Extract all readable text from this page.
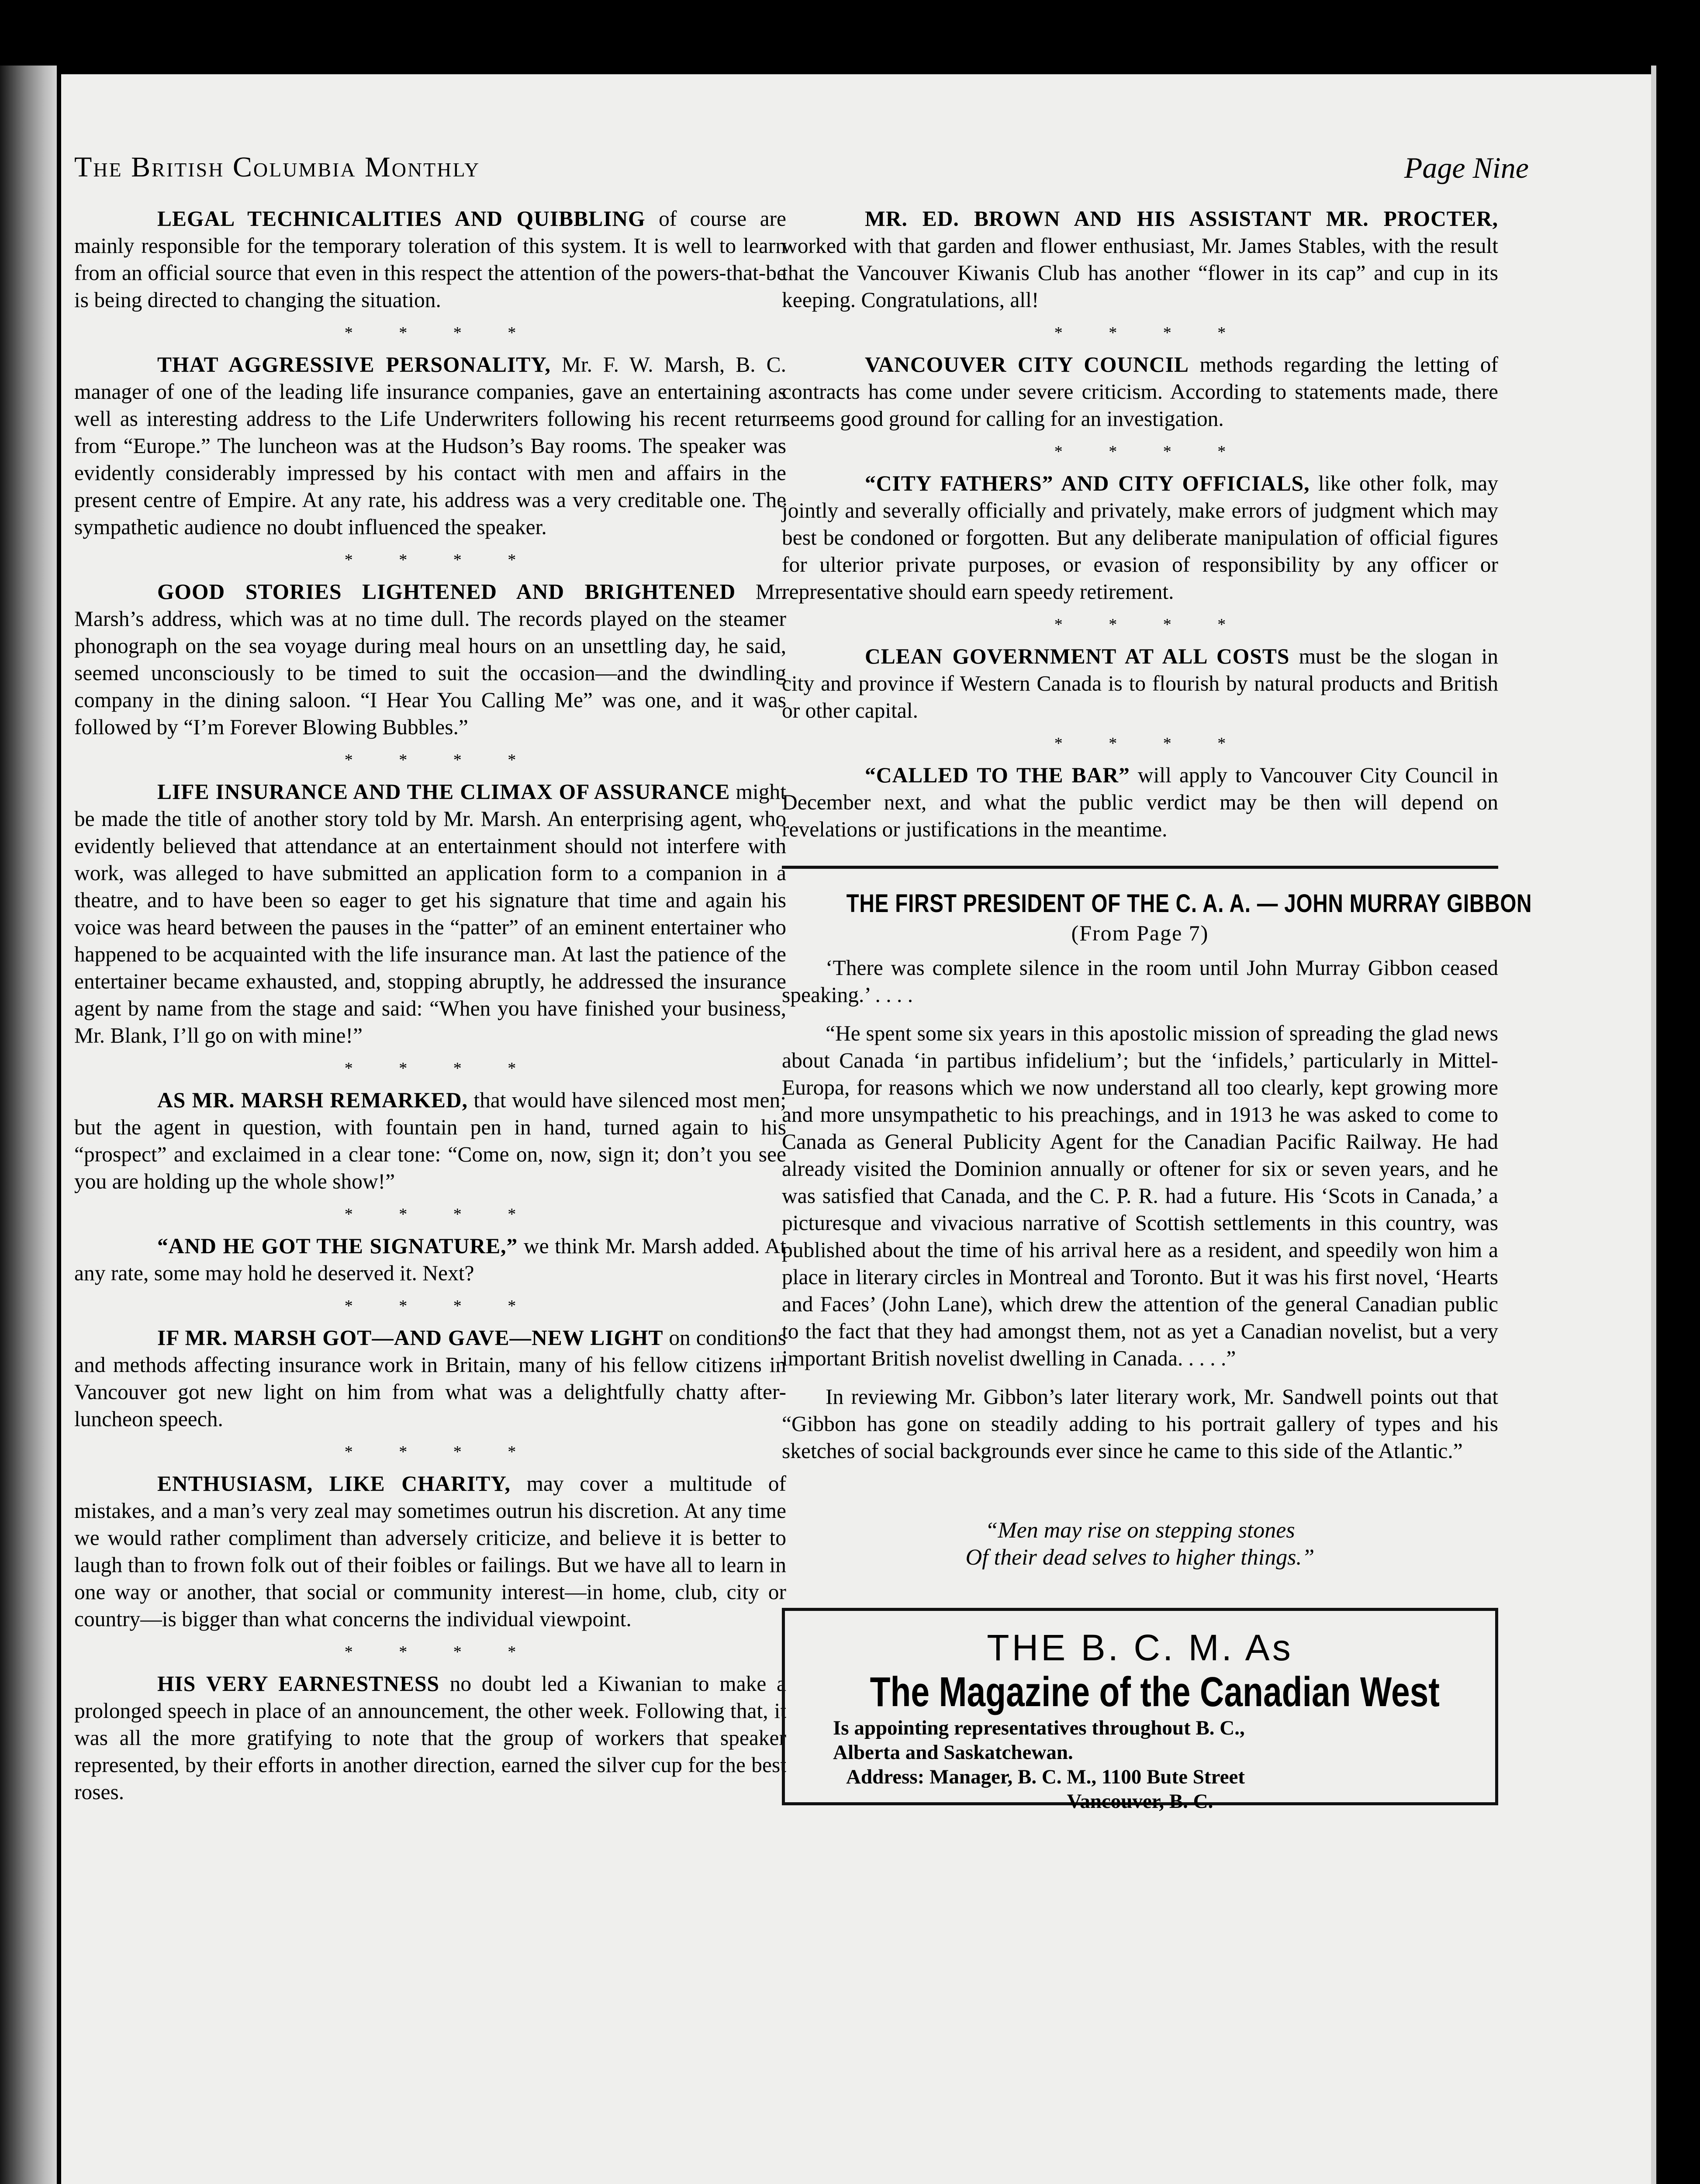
The British Columbia Monthly	Page Nine

LEGAL TECHNICALITIES AND QUIBBLING of course are mainly responsible for the temporary toleration of this system. It is well to learn from an official source that even in this respect the attention of the powers-that-be is being directed to changing the situation.

* * * *

THAT AGGRESSIVE PERSONALITY, Mr. F. W. Marsh, B. C. manager of one of the leading life insurance companies, gave an entertaining as well as interesting address to the Life Underwriters following his recent return from “Europe.” The luncheon was at the Hudson’s Bay rooms. The speaker was evidently considerably impressed by his contact with men and affairs in the present centre of Empire. At any rate, his address was a very creditable one. The sympathetic audience no doubt influenced the speaker.

* * * *

GOOD STORIES LIGHTENED AND BRIGHTENED Mr. Marsh’s address, which was at no time dull. The records played on the steamer phonograph on the sea voyage during meal hours on an unsettling day, he said, seemed unconsciously to be timed to suit the occasion—and the dwindling company in the dining saloon. “I Hear You Calling Me” was one, and it was followed by “I’m Forever Blowing Bubbles.”

* * * *

LIFE INSURANCE AND THE CLIMAX OF ASSURANCE might be made the title of another story told by Mr. Marsh. An enterprising agent, who evidently believed that attendance at an entertainment should not interfere with work, was alleged to have submitted an application form to a companion in a theatre, and to have been so eager to get his signature that time and again his voice was heard between the pauses in the “patter” of an eminent entertainer who happened to be acquainted with the life insurance man. At last the patience of the entertainer became exhausted, and, stopping abruptly, he addressed the insurance agent by name from the stage and said: “When you have finished your business, Mr. Blank, I’ll go on with mine!”

* * * *

AS MR. MARSH REMARKED, that would have silenced most men; but the agent in question, with fountain pen in hand, turned again to his “prospect” and exclaimed in a clear tone: “Come on, now, sign it; don’t you see you are holding up the whole show!”

* * * *

“AND HE GOT THE SIGNATURE,” we think Mr. Marsh added. At any rate, some may hold he deserved it. Next?

* * * *

IF MR. MARSH GOT—AND GAVE—NEW LIGHT on conditions and methods affecting insurance work in Britain, many of his fellow citizens in Vancouver got new light on him from what was a delightfully chatty after-luncheon speech.

* * * *

ENTHUSIASM, LIKE CHARITY, may cover a multitude of mistakes, and a man’s very zeal may sometimes outrun his discretion. At any time we would rather compliment than adversely criticize, and believe it is better to laugh than to frown folk out of their foibles or failings. But we have all to learn in one way or another, that social or community interest—in home, club, city or country—is bigger than what concerns the individual viewpoint.

* * * *

HIS VERY EARNESTNESS no doubt led a Kiwanian to make a prolonged speech in place of an announcement, the other week. Following that, it was all the more gratifying to note that the group of workers that speaker represented, by their efforts in another direction, earned the silver cup for the best roses.

MR. ED. BROWN AND HIS ASSISTANT MR. PROCTER, worked with that garden and flower enthusiast, Mr. James Stables, with the result that the Vancouver Kiwanis Club has another “flower in its cap” and cup in its keeping. Congratulations, all!

* * * *

VANCOUVER CITY COUNCIL methods regarding the letting of contracts has come under severe criticism. According to statements made, there seems good ground for calling for an investigation.

* * * *

“CITY FATHERS” AND CITY OFFICIALS, like other folk, may jointly and severally officially and privately, make errors of judgment which may best be condoned or forgotten. But any deliberate manipulation of official figures for ulterior private purposes, or evasion of responsibility by any officer or representative should earn speedy retirement.

* * * *

CLEAN GOVERNMENT AT ALL COSTS must be the slogan in city and province if Western Canada is to flourish by natural products and British or other capital.

* * * *

“CALLED TO THE BAR” will apply to Vancouver City Council in December next, and what the public verdict may be then will depend on revelations or justifications in the meantime.

THE FIRST PRESIDENT OF THE C. A. A. — JOHN MURRAY GIBBON
(From Page 7)

‘There was complete silence in the room until John Murray Gibbon ceased speaking.’ . . . .

“He spent some six years in this apostolic mission of spreading the glad news about Canada ‘in partibus infidelium’; but the ‘infidels,’ particularly in Mittel-Europa, for reasons which we now understand all too clearly, kept growing more and more unsympathetic to his preachings, and in 1913 he was asked to come to Canada as General Publicity Agent for the Canadian Pacific Railway. He had already visited the Dominion annually or oftener for six or seven years, and he was satisfied that Canada, and the C. P. R. had a future. His ‘Scots in Canada,’ a picturesque and vivacious narrative of Scottish settlements in this country, was published about the time of his arrival here as a resident, and speedily won him a place in literary circles in Montreal and Toronto. But it was his first novel, ‘Hearts and Faces’ (John Lane), which drew the attention of the general Canadian public to the fact that they had amongst them, not as yet a Canadian novelist, but a very important British novelist dwelling in Canada. . . . .”

In reviewing Mr. Gibbon’s later literary work, Mr. Sandwell points out that “Gibbon has gone on steadily adding to his portrait gallery of types and his sketches of social backgrounds ever since he came to this side of the Atlantic.”

“Men may rise on stepping stones
Of their dead selves to higher things.”
THE B. C. M. As
The Magazine of the Canadian West
Is appointing representatives throughout B. C.,
Alberta and Saskatchewan.
Address: Manager, B. C. M., 1100 Bute Street
Vancouver, B. C.
